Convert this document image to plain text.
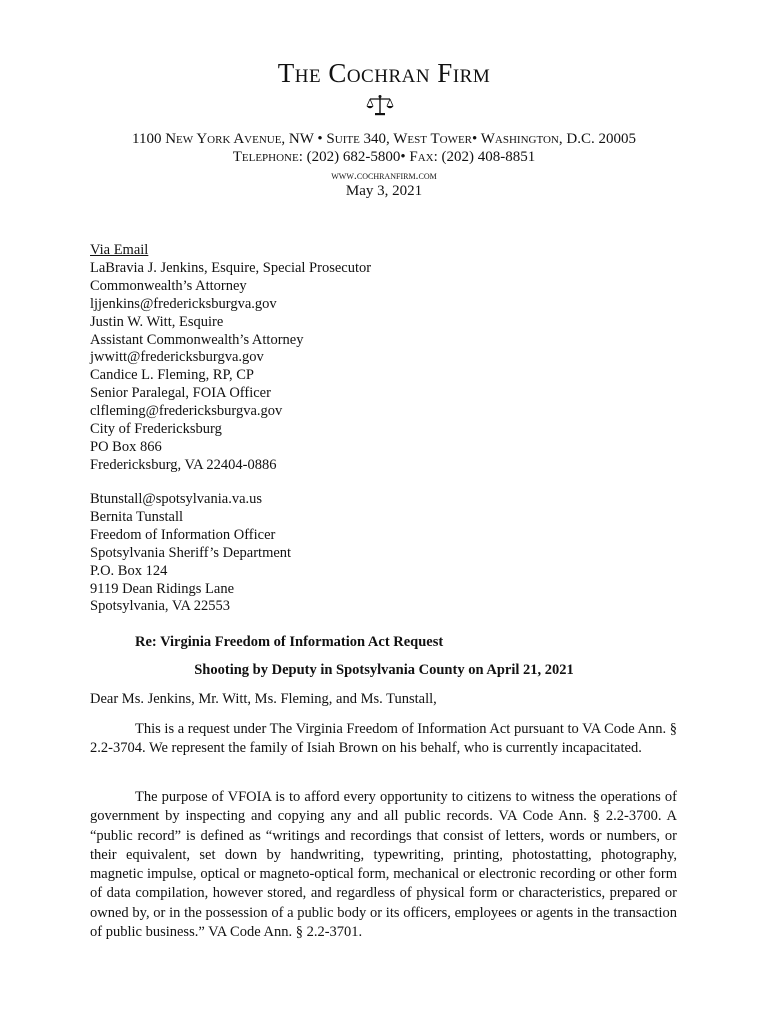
The Cochran Firm
1100 New York Avenue, NW • Suite 340, West Tower• Washington, D.C. 20005
Telephone: (202) 682-5800• Fax: (202) 408-8851
www.cochranfirm.com
May 3, 2021
Via Email
LaBravia J. Jenkins, Esquire, Special Prosecutor
Commonwealth’s Attorney
ljjenkins@fredericksburgva.gov
Justin W. Witt, Esquire
Assistant Commonwealth’s Attorney
jwwitt@fredericksburgva.gov
Candice L. Fleming, RP, CP
Senior Paralegal, FOIA Officer
clfleming@fredericksburgva.gov
City of Fredericksburg
PO Box 866
Fredericksburg, VA 22404-0886
Btunstall@spotsylvania.va.us
Bernita Tunstall
Freedom of Information Officer
Spotsylvania Sheriff’s Department
P.O. Box 124
9119 Dean Ridings Lane
Spotsylvania, VA 22553
Re: Virginia Freedom of Information Act Request
Shooting by Deputy in Spotsylvania County on April 21, 2021
Dear Ms. Jenkins, Mr. Witt, Ms. Fleming, and Ms. Tunstall,

This is a request under The Virginia Freedom of Information Act pursuant to VA Code Ann. § 2.2-3704. We represent the family of Isiah Brown on his behalf, who is currently incapacitated.

The purpose of VFOIA is to afford every opportunity to citizens to witness the operations of government by inspecting and copying any and all public records. VA Code Ann. § 2.2-3700. A “public record” is defined as “writings and recordings that consist of letters, words or numbers, or their equivalent, set down by handwriting, typewriting, printing, photostatting, photography, magnetic impulse, optical or magneto-optical form, mechanical or electronic recording or other form of data compilation, however stored, and regardless of physical form or characteristics, prepared or owned by, or in the possession of a public body or its officers, employees or agents in the transaction of public business.” VA Code Ann. § 2.2-3701.
